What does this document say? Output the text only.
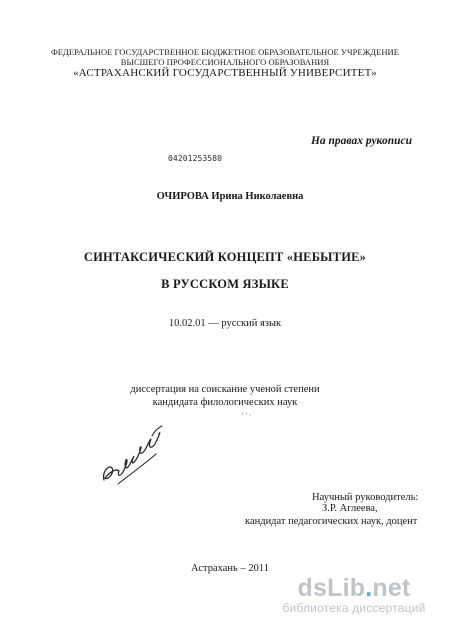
ФЕДЕРАЛЬНОЕ ГОСУДАРСТВЕННОЕ БЮДЖЕТНОЕ ОБРАЗОВАТЕЛЬНОЕ УЧРЕЖДЕНИЕ
ВЫСШЕГО ПРОФЕССИОНАЛЬНОГО ОБРАЗОВАНИЯ
«АСТРАХАНСКИЙ ГОСУДАРСТВЕННЫЙ УНИВЕРСИТЕТ»
На правах рукописи
04201253580
ОЧИРОВА Ирина Николаевна
СИНТАКСИЧЕСКИЙ КОНЦЕПТ «НЕБЫТИЕ»
В РУССКОМ ЯЗЫКЕ
10.02.01 — русский язык
диссертация на соискание ученой степени
кандидата филологических наук
' ' ·
Научный руководитель:
З.Р. Аглеева,
кандидат педагогических наук, доцент
Астрахань – 2011
dsLib.net
библиотека диссертаций
